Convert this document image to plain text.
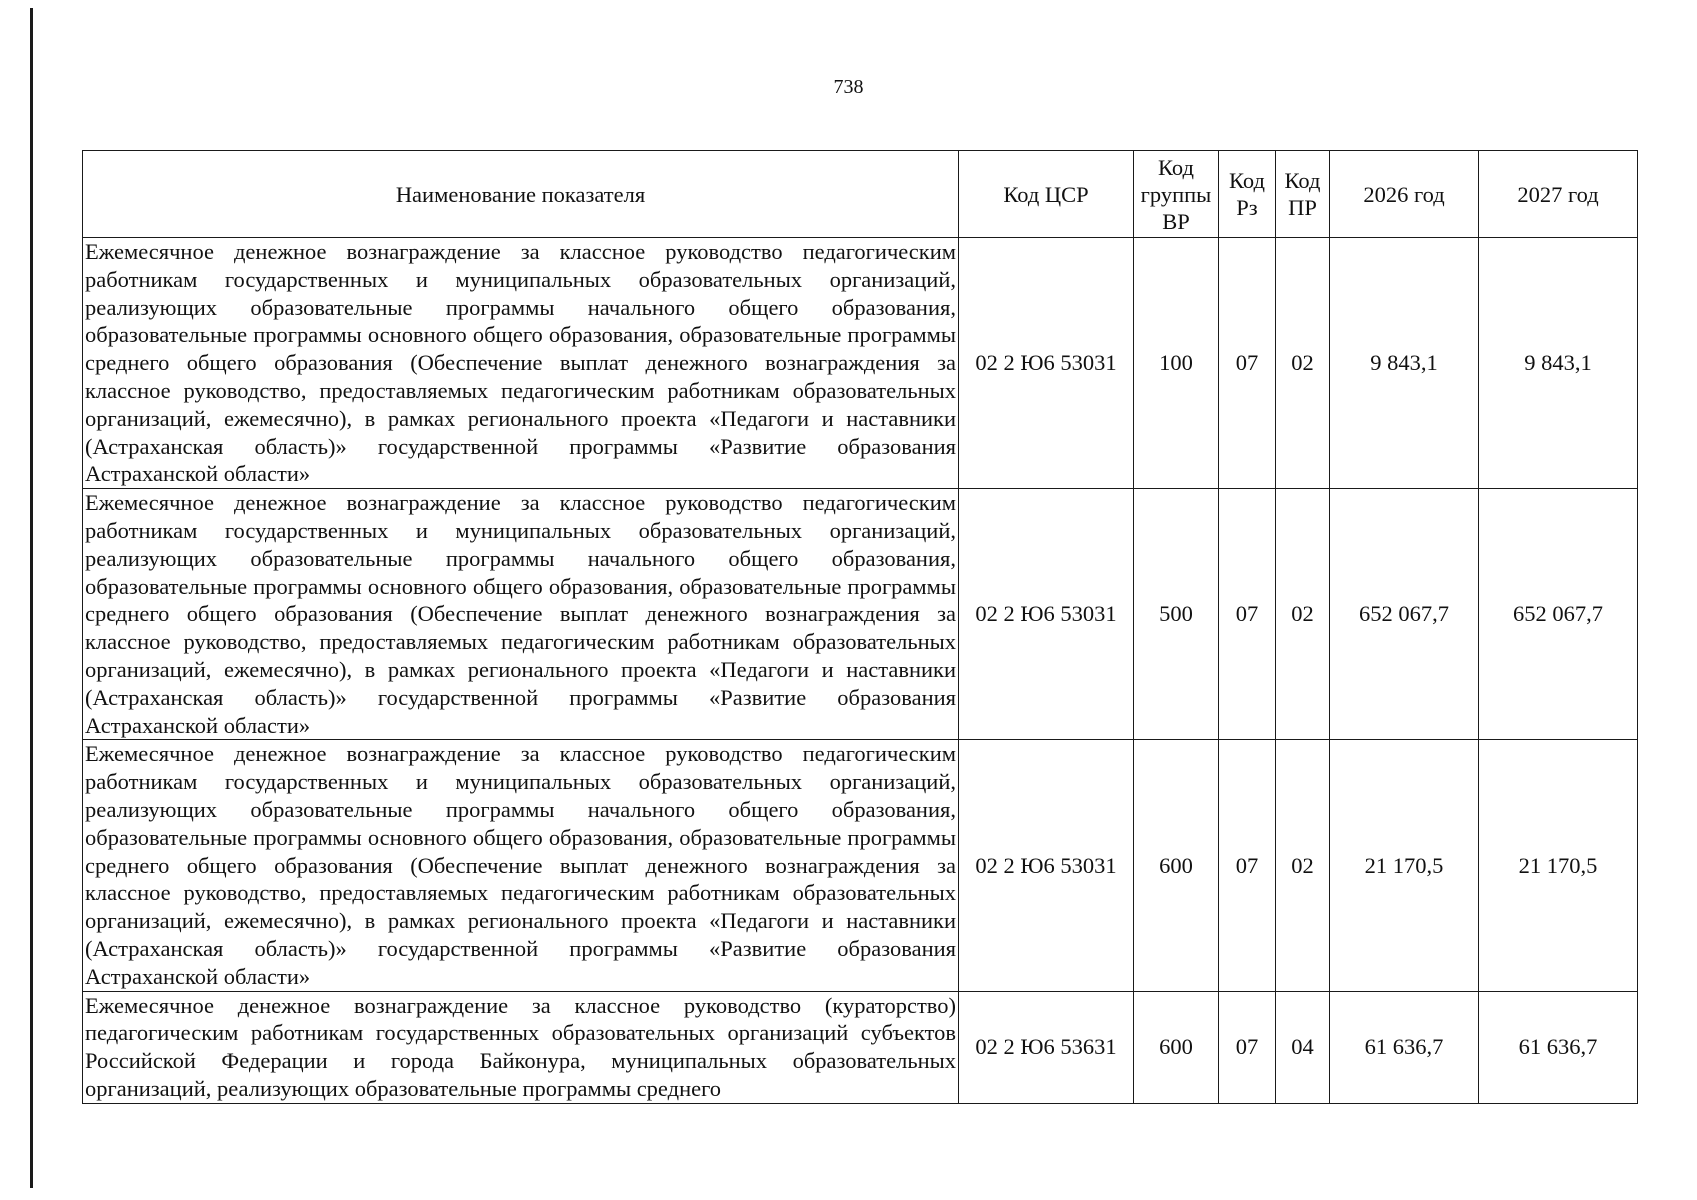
738
Наименование показателя	Код ЦСР	Код группы ВР	Код Рз	Код ПР	2026 год	2027 год
Ежемесячное денежное вознаграждение за классное руководство педагогическим работникам государственных и муниципальных образовательных организаций, реализующих образовательные программы начального общего образования, образовательные программы основного общего образования, образовательные программы среднего общего образования (Обеспечение выплат денежного вознаграждения за классное руководство, предоставляемых педагогическим работникам образовательных организаций, ежемесячно), в рамках регионального проекта «Педагоги и наставники (Астраханская область)» государственной программы «Развитие образования Астраханской области»	02 2 Ю6 53031	100	07	02	9 843,1	9 843,1
Ежемесячное денежное вознаграждение за классное руководство педагогическим работникам государственных и муниципальных образовательных организаций, реализующих образовательные программы начального общего образования, образовательные программы основного общего образования, образовательные программы среднего общего образования (Обеспечение выплат денежного вознаграждения за классное руководство, предоставляемых педагогическим работникам образовательных организаций, ежемесячно), в рамках регионального проекта «Педагоги и наставники (Астраханская область)» государственной программы «Развитие образования Астраханской области»	02 2 Ю6 53031	500	07	02	652 067,7	652 067,7
Ежемесячное денежное вознаграждение за классное руководство педагогическим работникам государственных и муниципальных образовательных организаций, реализующих образовательные программы начального общего образования, образовательные программы основного общего образования, образовательные программы среднего общего образования (Обеспечение выплат денежного вознаграждения за классное руководство, предоставляемых педагогическим работникам образовательных организаций, ежемесячно), в рамках регионального проекта «Педагоги и наставники (Астраханская область)» государственной программы «Развитие образования Астраханской области»	02 2 Ю6 53031	600	07	02	21 170,5	21 170,5
Ежемесячное денежное вознаграждение за классное руководство (кураторство) педагогическим работникам государственных образовательных организаций субъектов Российской Федерации и города Байконура, муниципальных образовательных организаций, реализующих образовательные программы среднего	02 2 Ю6 53631	600	07	04	61 636,7	61 636,7
